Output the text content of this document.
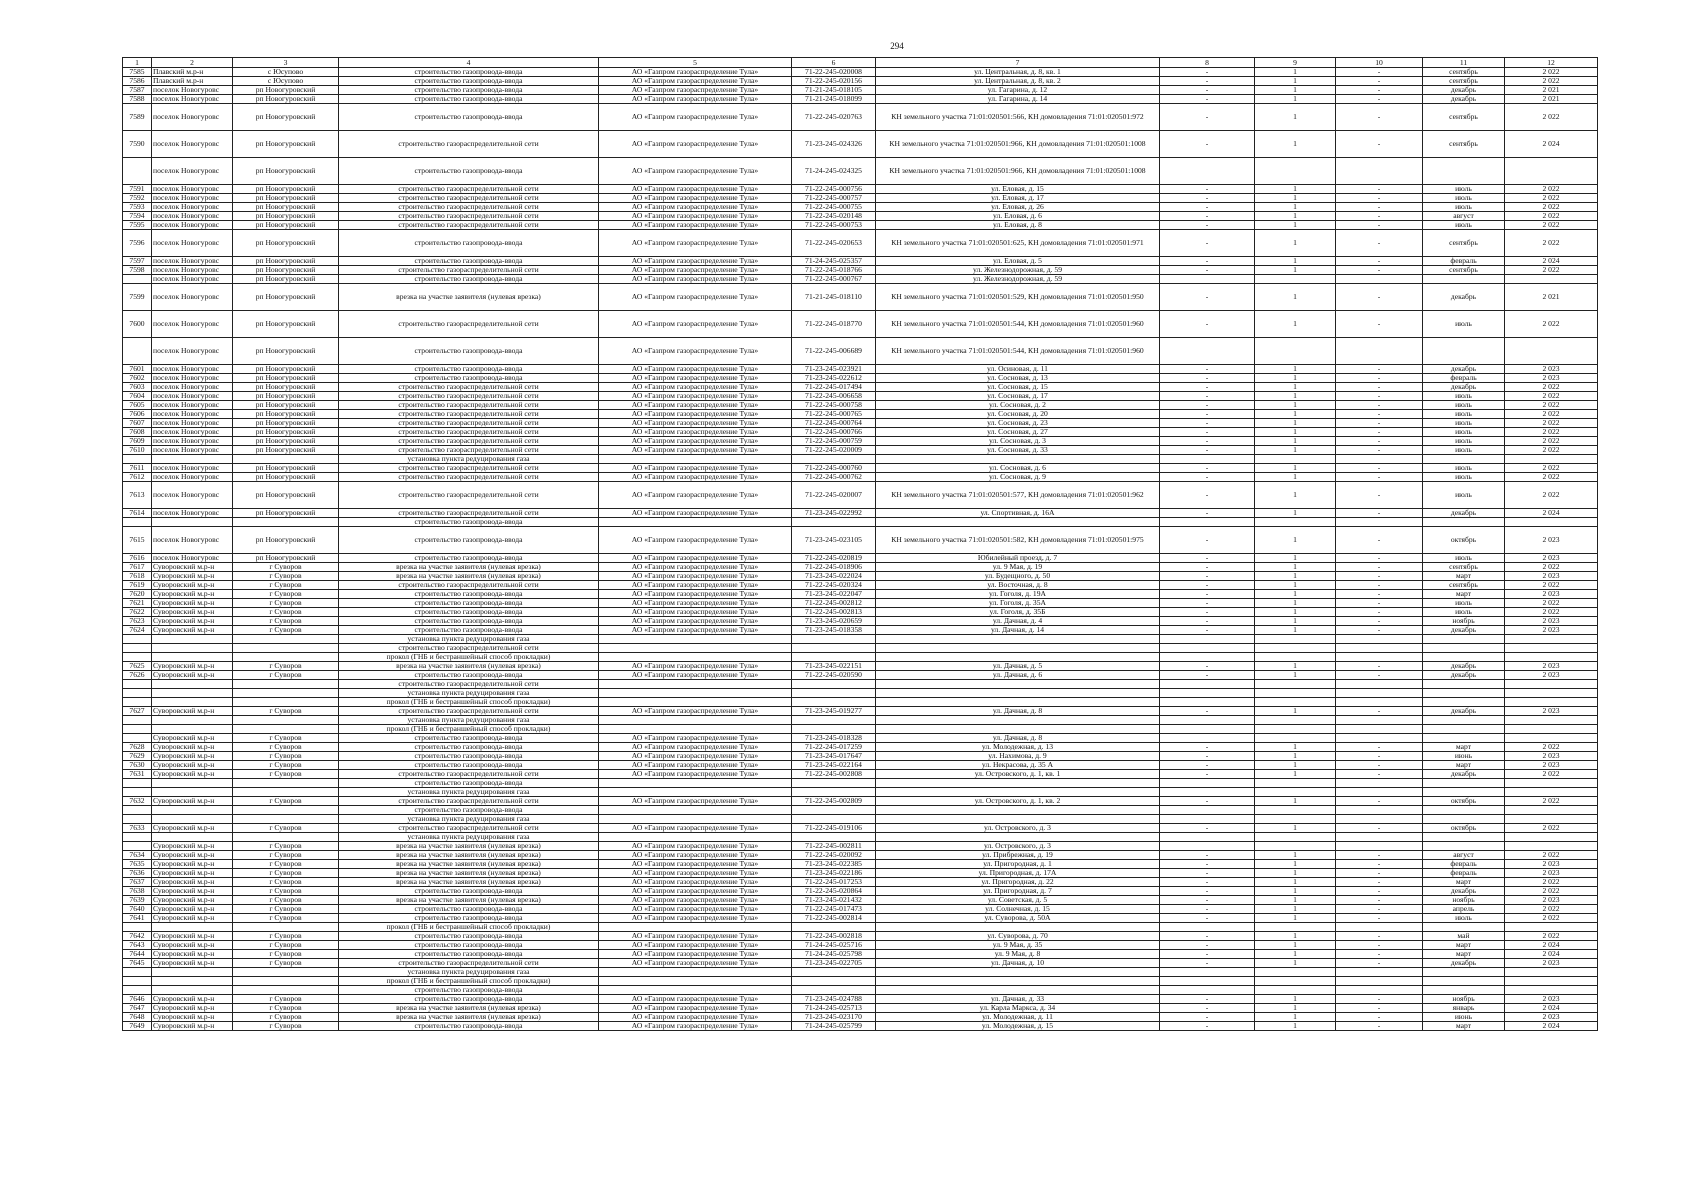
294
1	2	3	4	5	6	7	8	9	10	11	12
7585	Плавский м.р-н	с Юсупово	строительство газопровода-ввода	АО «Газпром газораспределение Тула»	71-22-245-020008	ул. Центральная, д. 8, кв. 1	-	1	-	сентябрь	2 022
7586	Плавский м.р-н	с Юсупово	строительство газопровода-ввода	АО «Газпром газораспределение Тула»	71-22-245-020156	ул. Центральная, д. 8, кв. 2	-	1	-	сентябрь	2 022
7587	поселок Новогуровс	рп Новогуровский	строительство газопровода-ввода	АО «Газпром газораспределение Тула»	71-21-245-018105	ул. Гагарина, д. 12	-	1	-	декабрь	2 021
7588	поселок Новогуровс	рп Новогуровский	строительство газопровода-ввода	АО «Газпром газораспределение Тула»	71-21-245-018099	ул. Гагарина, д. 14	-	1	-	декабрь	2 021
7589	поселок Новогуровс	рп Новогуровский	строительство газопровода-ввода	АО «Газпром газораспределение Тула»	71-22-245-020763	КН земельного участка 71:01:020501:566, КН домовладения 71:01:020501:972	-	1	-	сентябрь	2 022
7590	поселок Новогуровс	рп Новогуровский	строительство газораспределительной сети	АО «Газпром газораспределение Тула»	71-23-245-024326	КН земельного участка 71:01:020501:966, КН домовладения 71:01:020501:1008	-	1	-	сентябрь	2 024
	поселок Новогуровс	рп Новогуровский	строительство газопровода-ввода	АО «Газпром газораспределение Тула»	71-24-245-024325	КН земельного участка 71:01:020501:966, КН домовладения 71:01:020501:1008					
7591	поселок Новогуровс	рп Новогуровский	строительство газораспределительной сети	АО «Газпром газораспределение Тула»	71-22-245-000756	ул. Еловая, д. 15	-	1	-	июль	2 022
7592	поселок Новогуровс	рп Новогуровский	строительство газораспределительной сети	АО «Газпром газораспределение Тула»	71-22-245-000757	ул. Еловая, д. 17	-	1	-	июль	2 022
7593	поселок Новогуровс	рп Новогуровский	строительство газораспределительной сети	АО «Газпром газораспределение Тула»	71-22-245-000755	ул. Еловая, д. 26	-	1	-	июль	2 022
7594	поселок Новогуровс	рп Новогуровский	строительство газораспределительной сети	АО «Газпром газораспределение Тула»	71-22-245-020148	ул. Еловая, д. 6	-	1	-	август	2 022
7595	поселок Новогуровс	рп Новогуровский	строительство газораспределительной сети	АО «Газпром газораспределение Тула»	71-22-245-000753	ул. Еловая, д. 8	-	1	-	июль	2 022
7596	поселок Новогуровс	рп Новогуровский	строительство газопровода-ввода	АО «Газпром газораспределение Тула»	71-22-245-020653	КН земельного участка 71:01:020501:625, КН домовладения 71:01:020501:971	-	1	-	сентябрь	2 022
7597	поселок Новогуровс	рп Новогуровский	строительство газопровода-ввода	АО «Газпром газораспределение Тула»	71-24-245-025357	ул. Еловая, д. 5	-	1	-	февраль	2 024
7598	поселок Новогуровс	рп Новогуровский	строительство газораспределительной сети	АО «Газпром газораспределение Тула»	71-22-245-018766	ул. Железнодорожная, д. 59	-	1	-	сентябрь	2 022
	поселок Новогуровс	рп Новогуровский	строительство газопровода-ввода	АО «Газпром газораспределение Тула»	71-22-245-000767	ул. Железнодорожная, д. 59					
7599	поселок Новогуровс	рп Новогуровский	врезка на участке заявителя (нулевая врезка)	АО «Газпром газораспределение Тула»	71-21-245-018110	КН земельного участка 71:01:020501:529, КН домовладения 71:01:020501:950	-	1	-	декабрь	2 021
7600	поселок Новогуровс	рп Новогуровский	строительство газораспределительной сети	АО «Газпром газораспределение Тула»	71-22-245-018770	КН земельного участка 71:01:020501:544, КН домовладения 71:01:020501:960	-	1	-	июль	2 022
	поселок Новогуровс	рп Новогуровский	строительство газопровода-ввода	АО «Газпром газораспределение Тула»	71-22-245-006689	КН земельного участка 71:01:020501:544, КН домовладения 71:01:020501:960					
7601	поселок Новогуровс	рп Новогуровский	строительство газопровода-ввода	АО «Газпром газораспределение Тула»	71-23-245-023921	ул. Осиновая, д. 11	-	1	-	декабрь	2 023
7602	поселок Новогуровс	рп Новогуровский	строительство газопровода-ввода	АО «Газпром газораспределение Тула»	71-23-245-022612	ул. Сосновая, д. 13	-	1	-	февраль	2 023
7603	поселок Новогуровс	рп Новогуровский	строительство газораспределительной сети	АО «Газпром газораспределение Тула»	71-22-245-017494	ул. Сосновая, д. 15	-	1	-	декабрь	2 022
7604	поселок Новогуровс	рп Новогуровский	строительство газораспределительной сети	АО «Газпром газораспределение Тула»	71-22-245-006658	ул. Сосновая, д. 17	-	1	-	июль	2 022
7605	поселок Новогуровс	рп Новогуровский	строительство газораспределительной сети	АО «Газпром газораспределение Тула»	71-22-245-000758	ул. Сосновая, д. 2	-	1	-	июль	2 022
7606	поселок Новогуровс	рп Новогуровский	строительство газораспределительной сети	АО «Газпром газораспределение Тула»	71-22-245-000765	ул. Сосновая, д. 20	-	1	-	июль	2 022
7607	поселок Новогуровс	рп Новогуровский	строительство газораспределительной сети	АО «Газпром газораспределение Тула»	71-22-245-000764	ул. Сосновая, д. 23	-	1	-	июль	2 022
7608	поселок Новогуровс	рп Новогуровский	строительство газораспределительной сети	АО «Газпром газораспределение Тула»	71-22-245-000766	ул. Сосновая, д. 27	-	1	-	июль	2 022
7609	поселок Новогуровс	рп Новогуровский	строительство газораспределительной сети	АО «Газпром газораспределение Тула»	71-22-245-000759	ул. Сосновая, д. 3	-	1	-	июль	2 022
7610	поселок Новогуровс	рп Новогуровский	строительство газораспределительной сети	АО «Газпром газораспределение Тула»	71-22-245-020009	ул. Сосновая, д. 33	-	1	-	июль	2 022
			установка пункта редуцирования газа								
7611	поселок Новогуровс	рп Новогуровский	строительство газораспределительной сети	АО «Газпром газораспределение Тула»	71-22-245-000760	ул. Сосновая, д. 6	-	1	-	июль	2 022
7612	поселок Новогуровс	рп Новогуровский	строительство газораспределительной сети	АО «Газпром газораспределение Тула»	71-22-245-000762	ул. Сосновая, д. 9	-	1	-	июль	2 022
7613	поселок Новогуровс	рп Новогуровский	строительство газораспределительной сети	АО «Газпром газораспределение Тула»	71-22-245-020007	КН земельного участка 71:01:020501:577, КН домовладения 71:01:020501:962	-	1	-	июль	2 022
7614	поселок Новогуровс	рп Новогуровский	строительство газораспределительной сети	АО «Газпром газораспределение Тула»	71-23-245-022992	ул. Спортивная, д. 16А	-	1	-	декабрь	2 024
			строительство газопровода-ввода								
7615	поселок Новогуровс	рп Новогуровский	строительство газопровода-ввода	АО «Газпром газораспределение Тула»	71-23-245-023105	КН земельного участка 71:01:020501:582, КН домовладения 71:01:020501:975	-	1	-	октябрь	2 023
7616	поселок Новогуровс	рп Новогуровский	строительство газопровода-ввода	АО «Газпром газораспределение Тула»	71-22-245-020819	Юбилейный проезд, д. 7	-	1	-	июль	2 023
7617	Суворовский м.р-н	г Суворов	врезка на участке заявителя (нулевая врезка)	АО «Газпром газораспределение Тула»	71-22-245-018906	ул. 9 Мая, д. 19	-	1	-	сентябрь	2 022
7618	Суворовский м.р-н	г Суворов	врезка на участке заявителя (нулевая врезка)	АО «Газпром газораспределение Тула»	71-23-245-022024	ул. Будещного, д. 50	-	1	-	март	2 023
7619	Суворовский м.р-н	г Суворов	строительство газораспределительной сети	АО «Газпром газораспределение Тула»	71-22-245-020324	ул. Восточная, д. 8	-	1	-	сентябрь	2 022
7620	Суворовский м.р-н	г Суворов	строительство газопровода-ввода	АО «Газпром газораспределение Тула»	71-23-245-022047	ул. Гоголя, д. 19А	-	1	-	март	2 023
7621	Суворовский м.р-н	г Суворов	строительство газопровода-ввода	АО «Газпром газораспределение Тула»	71-22-245-002812	ул. Гоголя, д. 35А	-	1	-	июль	2 022
7622	Суворовский м.р-н	г Суворов	строительство газопровода-ввода	АО «Газпром газораспределение Тула»	71-22-245-002813	ул. Гоголя, д. 35Б	-	1	-	июль	2 022
7623	Суворовский м.р-н	г Суворов	строительство газопровода-ввода	АО «Газпром газораспределение Тула»	71-23-245-020659	ул. Дачная, д. 4	-	1	-	ноябрь	2 023
7624	Суворовский м.р-н	г Суворов	строительство газопровода-ввода	АО «Газпром газораспределение Тула»	71-23-245-018358	ул. Дачная, д. 14	-	1	-	декабрь	2 023
			установка пункта редуцирования газа								
			строительство газораспределительной сети								
			прокол (ГНБ и бестраншейный способ прокладки)								
7625	Суворовский м.р-н	г Суворов	врезка на участке заявителя (нулевая врезка)	АО «Газпром газораспределение Тула»	71-23-245-022151	ул. Дачная, д. 5	-	1	-	декабрь	2 023
7626	Суворовский м.р-н	г Суворов	строительство газопровода-ввода	АО «Газпром газораспределение Тула»	71-22-245-020590	ул. Дачная, д. 6	-	1	-	декабрь	2 023
			строительство газораспределительной сети								
			установка пункта редуцирования газа								
			прокол (ГНБ и бестраншейный способ прокладки)								
7627	Суворовский м.р-н	г Суворов	строительство газораспределительной сети	АО «Газпром газораспределение Тула»	71-23-245-019277	ул. Дачная, д. 8	-	1	-	декабрь	2 023
			установка пункта редуцирования газа								
			прокол (ГНБ и бестраншейный способ прокладки)								
	Суворовский м.р-н	г Суворов	строительство газопровода-ввода	АО «Газпром газораспределение Тула»	71-23-245-018328	ул. Дачная, д. 8					
7628	Суворовский м.р-н	г Суворов	строительство газопровода-ввода	АО «Газпром газораспределение Тула»	71-22-245-017259	ул. Молодежная, д. 13	-	1	-	март	2 022
7629	Суворовский м.р-н	г Суворов	строительство газопровода-ввода	АО «Газпром газораспределение Тула»	71-23-245-017647	ул. Нахимова, д. 9	-	1	-	июнь	2 023
7630	Суворовский м.р-н	г Суворов	строительство газопровода-ввода	АО «Газпром газораспределение Тула»	71-23-245-022164	ул. Некрасова, д. 35 А	-	1	-	март	2 023
7631	Суворовский м.р-н	г Суворов	строительство газораспределительной сети	АО «Газпром газораспределение Тула»	71-22-245-002808	ул. Островского, д. 1, кв. 1	-	1	-	декабрь	2 022
			строительство газопровода-ввода								
			установка пункта редуцирования газа								
7632	Суворовский м.р-н	г Суворов	строительство газораспределительной сети	АО «Газпром газораспределение Тула»	71-22-245-002809	ул. Островского, д. 1, кв. 2	-	1	-	октябрь	2 022
			строительство газопровода-ввода								
			установка пункта редуцирования газа								
7633	Суворовский м.р-н	г Суворов	строительство газораспределительной сети	АО «Газпром газораспределение Тула»	71-22-245-019106	ул. Островского, д. 3	-	1	-	октябрь	2 022
			установка пункта редуцирования газа								
	Суворовский м.р-н	г Суворов	врезка на участке заявителя (нулевая врезка)	АО «Газпром газораспределение Тула»	71-22-245-002811	ул. Островского, д. 3					
7634	Суворовский м.р-н	г Суворов	врезка на участке заявителя (нулевая врезка)	АО «Газпром газораспределение Тула»	71-22-245-020092	ул. Прибрежная, д. 19	-	1	-	август	2 022
7635	Суворовский м.р-н	г Суворов	врезка на участке заявителя (нулевая врезка)	АО «Газпром газораспределение Тула»	71-23-245-022385	ул. Пригородная, д. 1	-	1	-	февраль	2 023
7636	Суворовский м.р-н	г Суворов	врезка на участке заявителя (нулевая врезка)	АО «Газпром газораспределение Тула»	71-23-245-022186	ул. Пригородная, д. 17А	-	1	-	февраль	2 023
7637	Суворовский м.р-н	г Суворов	врезка на участке заявителя (нулевая врезка)	АО «Газпром газораспределение Тула»	71-22-245-017253	ул. Пригородная, д. 22	-	1	-	март	2 022
7638	Суворовский м.р-н	г Суворов	строительство газопровода-ввода	АО «Газпром газораспределение Тула»	71-22-245-020864	ул. Пригородная, д. 7	-	1	-	декабрь	2 022
7639	Суворовский м.р-н	г Суворов	врезка на участке заявителя (нулевая врезка)	АО «Газпром газораспределение Тула»	71-23-245-021432	ул. Советская, д. 5	-	1	-	ноябрь	2 023
7640	Суворовский м.р-н	г Суворов	строительство газопровода-ввода	АО «Газпром газораспределение Тула»	71-22-245-017473	ул. Солнечная, д. 15	-	1	-	апрель	2 022
7641	Суворовский м.р-н	г Суворов	строительство газопровода-ввода	АО «Газпром газораспределение Тула»	71-22-245-002814	ул. Суворова, д. 50А	-	1	-	июль	2 022
			прокол (ГНБ и бестраншейный способ прокладки)								
7642	Суворовский м.р-н	г Суворов	строительство газопровода-ввода	АО «Газпром газораспределение Тула»	71-22-245-002818	ул. Суворова, д. 70	-	1	-	май	2 022
7643	Суворовский м.р-н	г Суворов	строительство газопровода-ввода	АО «Газпром газораспределение Тула»	71-24-245-025716	ул. 9 Мая, д. 35	-	1	-	март	2 024
7644	Суворовский м.р-н	г Суворов	строительство газопровода-ввода	АО «Газпром газораспределение Тула»	71-24-245-025798	ул. 9 Мая, д. 8	-	1	-	март	2 024
7645	Суворовский м.р-н	г Суворов	строительство газораспределительной сети	АО «Газпром газораспределение Тула»	71-23-245-022705	ул. Дачная, д. 10	-	1	-	декабрь	2 023
			установка пункта редуцирования газа								
			прокол (ГНБ и бестраншейный способ прокладки)								
			строительство газопровода-ввода								
7646	Суворовский м.р-н	г Суворов	строительство газопровода-ввода	АО «Газпром газораспределение Тула»	71-23-245-024788	ул. Дачная, д. 33	-	1	-	ноябрь	2 023
7647	Суворовский м.р-н	г Суворов	врезка на участке заявителя (нулевая врезка)	АО «Газпром газораспределение Тула»	71-24-245-025713	ул. Карла Маркса, д. 34	-	1	-	январь	2 024
7648	Суворовский м.р-н	г Суворов	врезка на участке заявителя (нулевая врезка)	АО «Газпром газораспределение Тула»	71-23-245-023170	ул. Молодежная, д. 11	-	1	-	июнь	2 023
7649	Суворовский м.р-н	г Суворов	строительство газопровода-ввода	АО «Газпром газораспределение Тула»	71-24-245-025799	ул. Молодежная, д. 15	-	1	-	март	2 024
